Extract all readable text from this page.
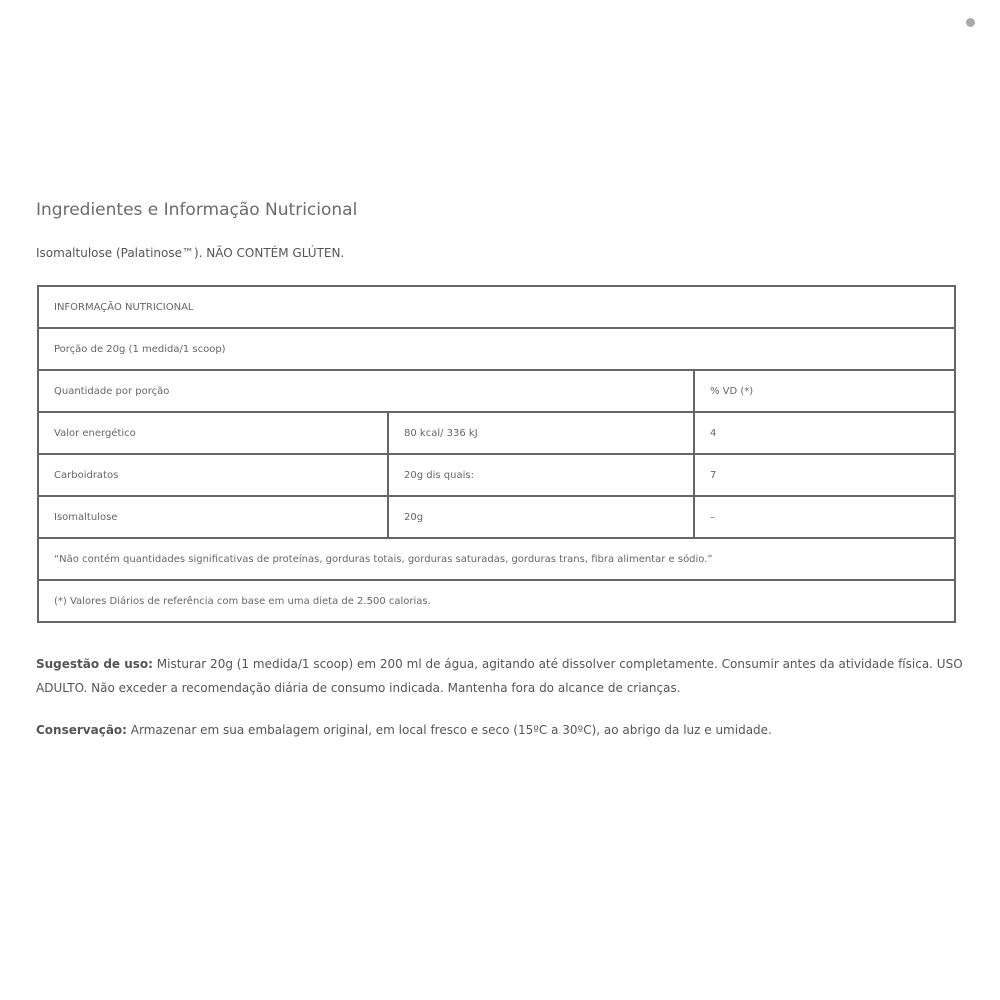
Ingredientes e Informação Nutricional

Isomaltulose (Palatinose™). NÃO CONTÉM GLÚTEN.

INFORMAÇÃO NUTRICIONAL		
Porção de 20g (1 medida/1 scoop)		
Quantidade por porção		% VD (*)
Valor energético	80 kcal/ 336 kJ	4
Carboidratos	20g dis quais:	7
Isomaltulose	20g	–
“Não contém quantidades significativas de proteínas, gorduras totais, gorduras saturadas, gorduras trans, fibra alimentar e sódio.”		
(*) Valores Diários de referência com base em uma dieta de 2.500 calorias.		

Sugestão de uso: Misturar 20g (1 medida/1 scoop) em 200 ml de água, agitando até dissolver completamente. Consumir antes da atividade física. USO ADULTO. Não exceder a recomendação diária de consumo indicada. Mantenha fora do alcance de crianças.

Conservação: Armazenar em sua embalagem original, em local fresco e seco (15ºC a 30ºC), ao abrigo da luz e umidade.
